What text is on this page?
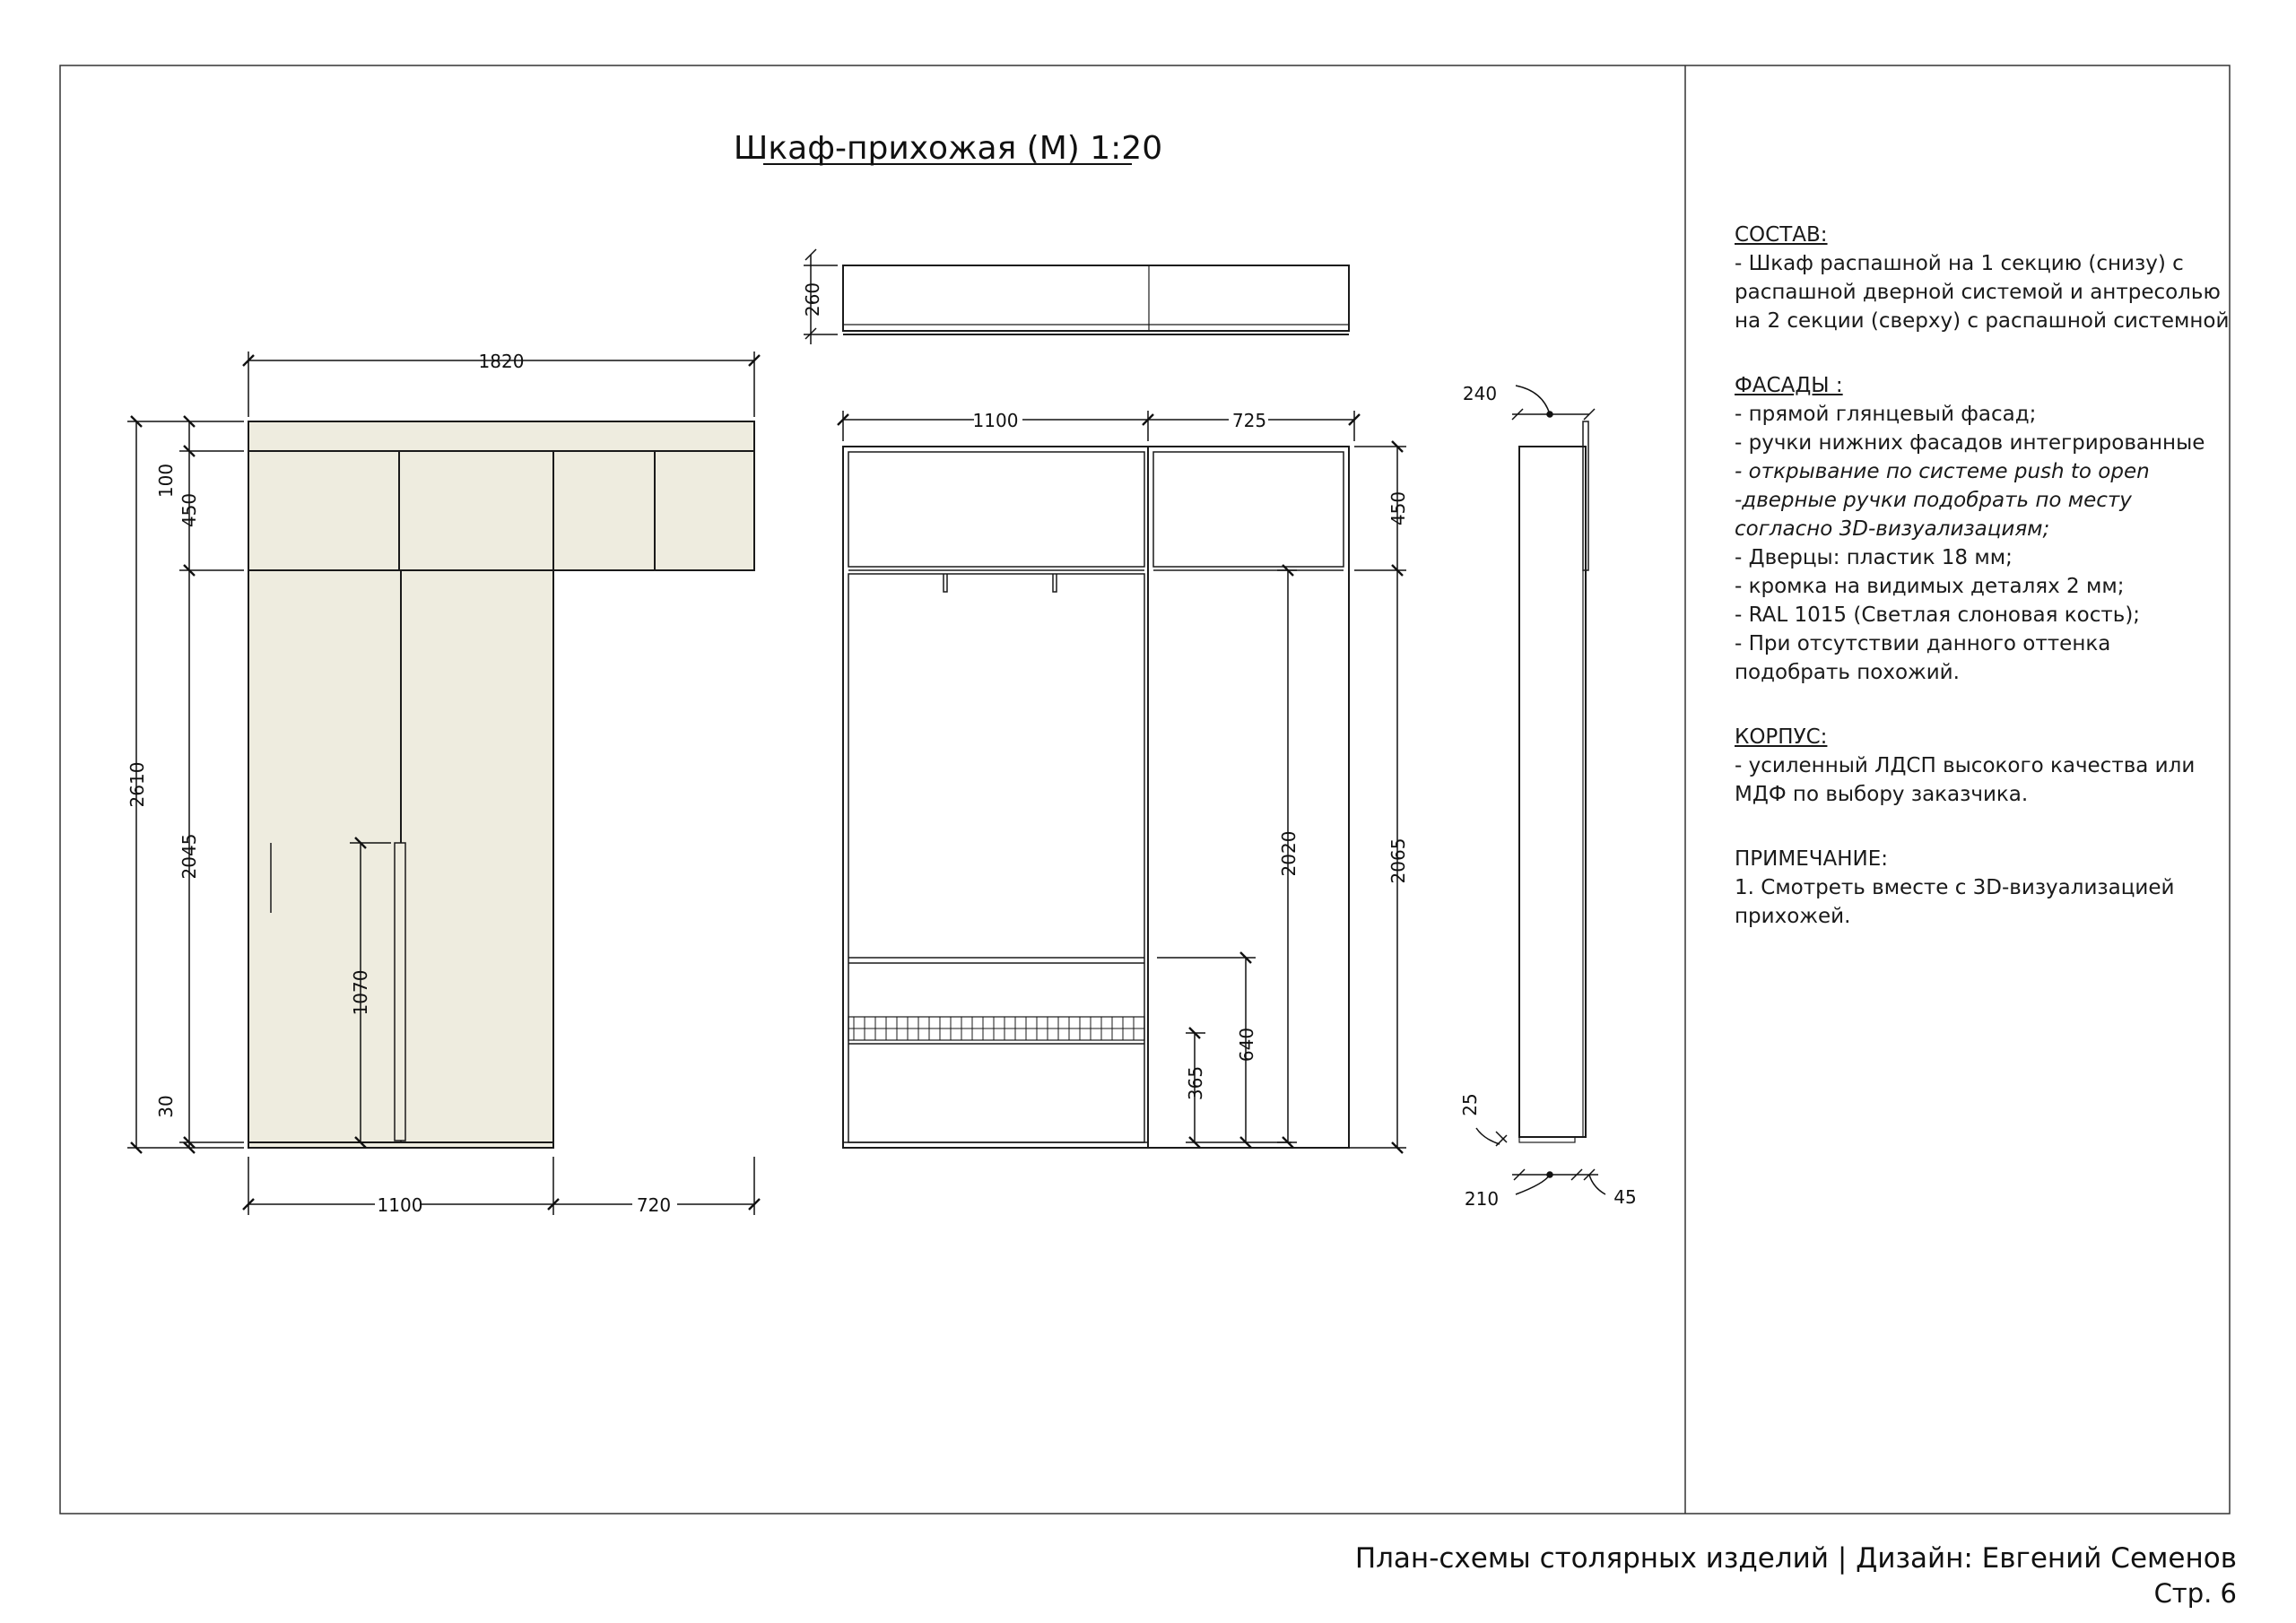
Шкаф-прихожая (М) 1:20
1820
2610
100
450
2045
1070
30
1100	720
260
1100	725
450
2065
2020
640
365
240
25
210	45
СОСТАВ:
- Шкаф распашной на 1 секцию (снизу) с
распашной дверной системой и антресолью
на 2 секции (сверху) с распашной системной
ФАСАДЫ :
- прямой глянцевый фасад;
- ручки нижних фасадов интегрированные
- открывание по системе push to open
-дверные ручки подобрать по месту
согласно 3D-визуализациям;
- Дверцы: пластик 18 мм;
- кромка на видимых деталях 2 мм;
- RAL 1015 (Светлая слоновая кость);
- При отсутствии данного оттенка
подобрать похожий.
КОРПУС:
- усиленный ЛДСП высокого качества или
МДФ по выбору заказчика.
ПРИМЕЧАНИЕ:
1. Смотреть вместе с 3D-визуализацией
прихожей.
План-схемы столярных изделий | Дизайн: Евгений Семенов
Стр. 6
